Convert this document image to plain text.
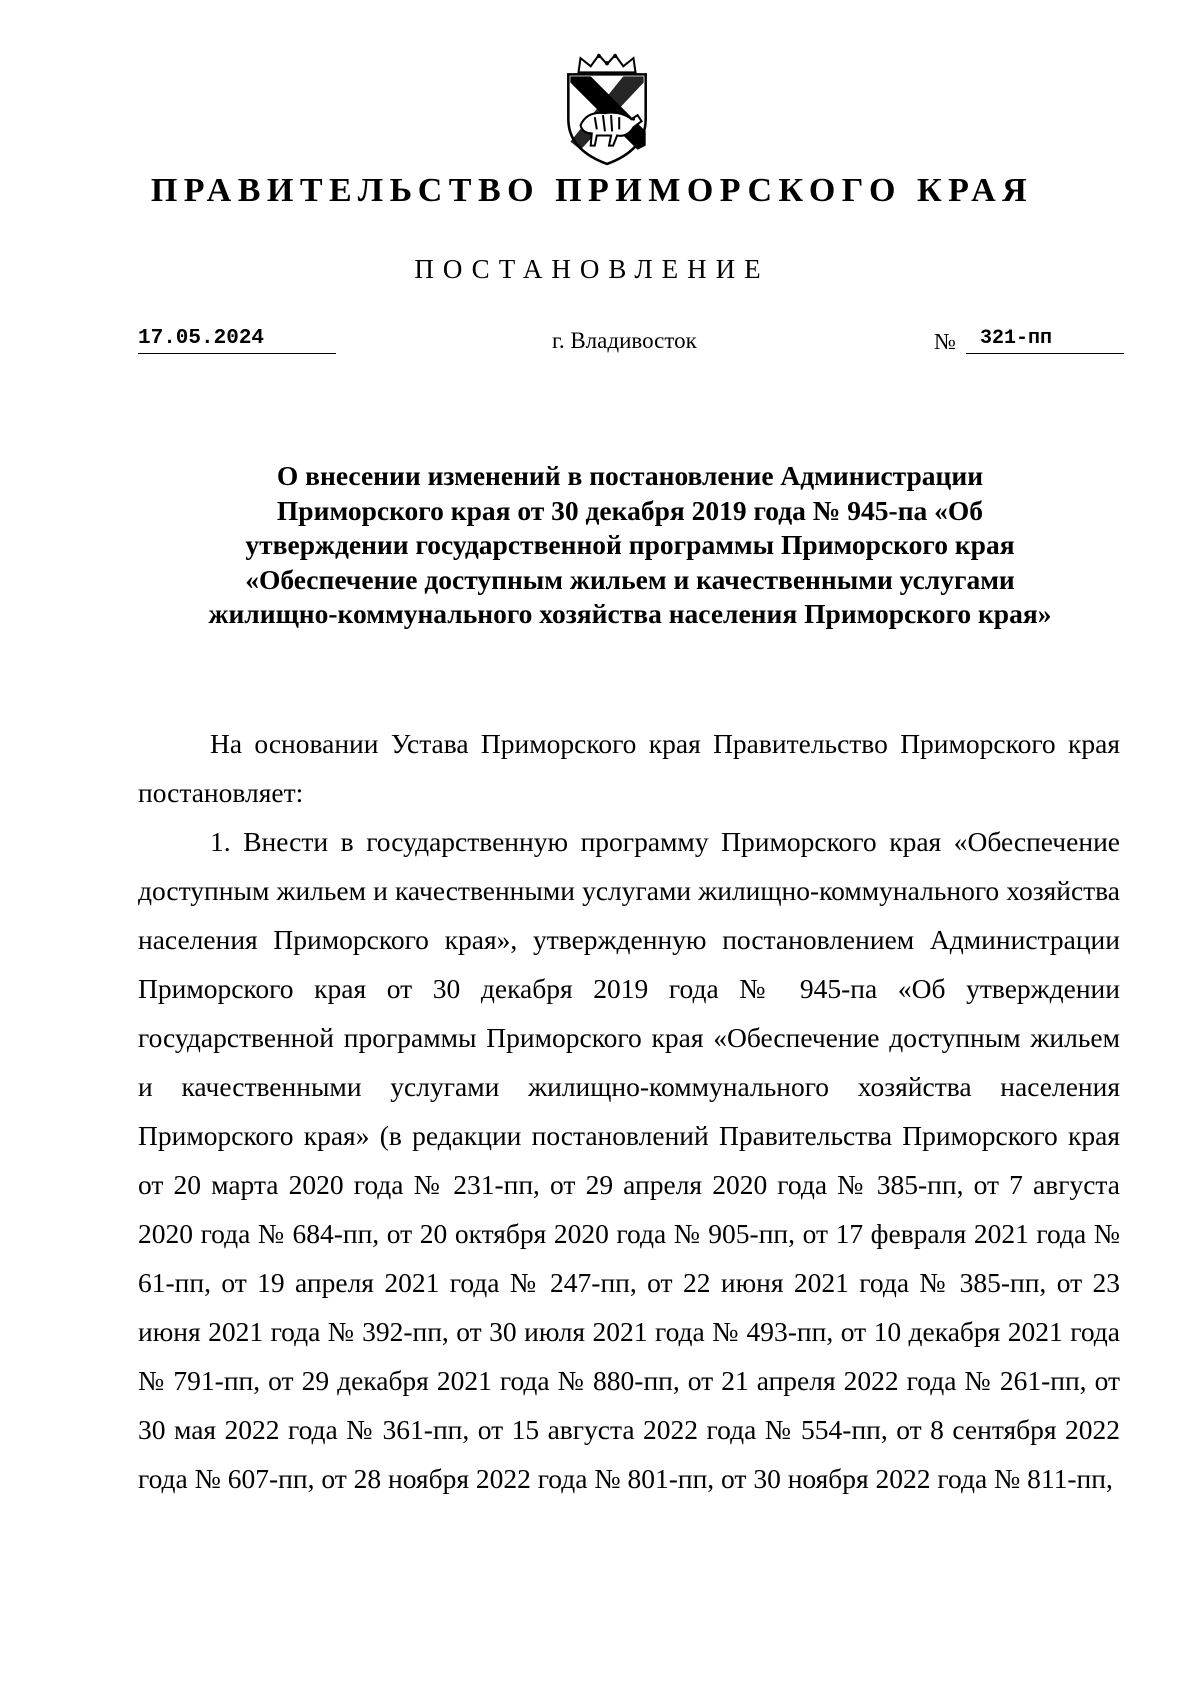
ПРАВИТЕЛЬСТВО ПРИМОРСКОГО КРАЯ
ПОСТАНОВЛЕНИЕ
17.05.2024	г. Владивосток	№	321-пп
О внесении изменений в постановление Администрации Приморского края от 30 декабря 2019 года № 945-па «Об утверждении государственной программы Приморского края «Обеспечение доступным жильем и качественными услугами жилищно-коммунального хозяйства населения Приморского края»

На основании Устава Приморского края Правительство Приморского края постановляет:

1. Внести в государственную программу Приморского края «Обеспечение доступным жильем и качественными услугами жилищно-коммунального хозяйства населения Приморского края», утвержденную постановлением Администрации Приморского края от 30 декабря 2019 года № 945-па «Об утверждении государственной программы Приморского края «Обеспечение доступным жильем и качественными услугами жилищно-коммунального хозяйства населения Приморского края» (в редакции постановлений Правительства Приморского края от 20 марта 2020 года № 231-пп, от 29 апреля 2020 года № 385-пп, от 7 августа 2020 года № 684-пп, от 20 октября 2020 года № 905-пп, от 17 февраля 2021 года № 61-пп, от 19 апреля 2021 года № 247-пп, от 22 июня 2021 года № 385-пп, от 23 июня 2021 года № 392-пп, от 30 июля 2021 года № 493-пп, от 10 декабря 2021 года № 791-пп, от 29 декабря 2021 года № 880-пп, от 21 апреля 2022 года № 261-пп, от 30 мая 2022 года № 361-пп, от 15 августа 2022 года № 554-пп, от 8 сентября 2022 года № 607-пп, от 28 ноября 2022 года № 801-пп, от 30 ноября 2022 года № 811-пп,
